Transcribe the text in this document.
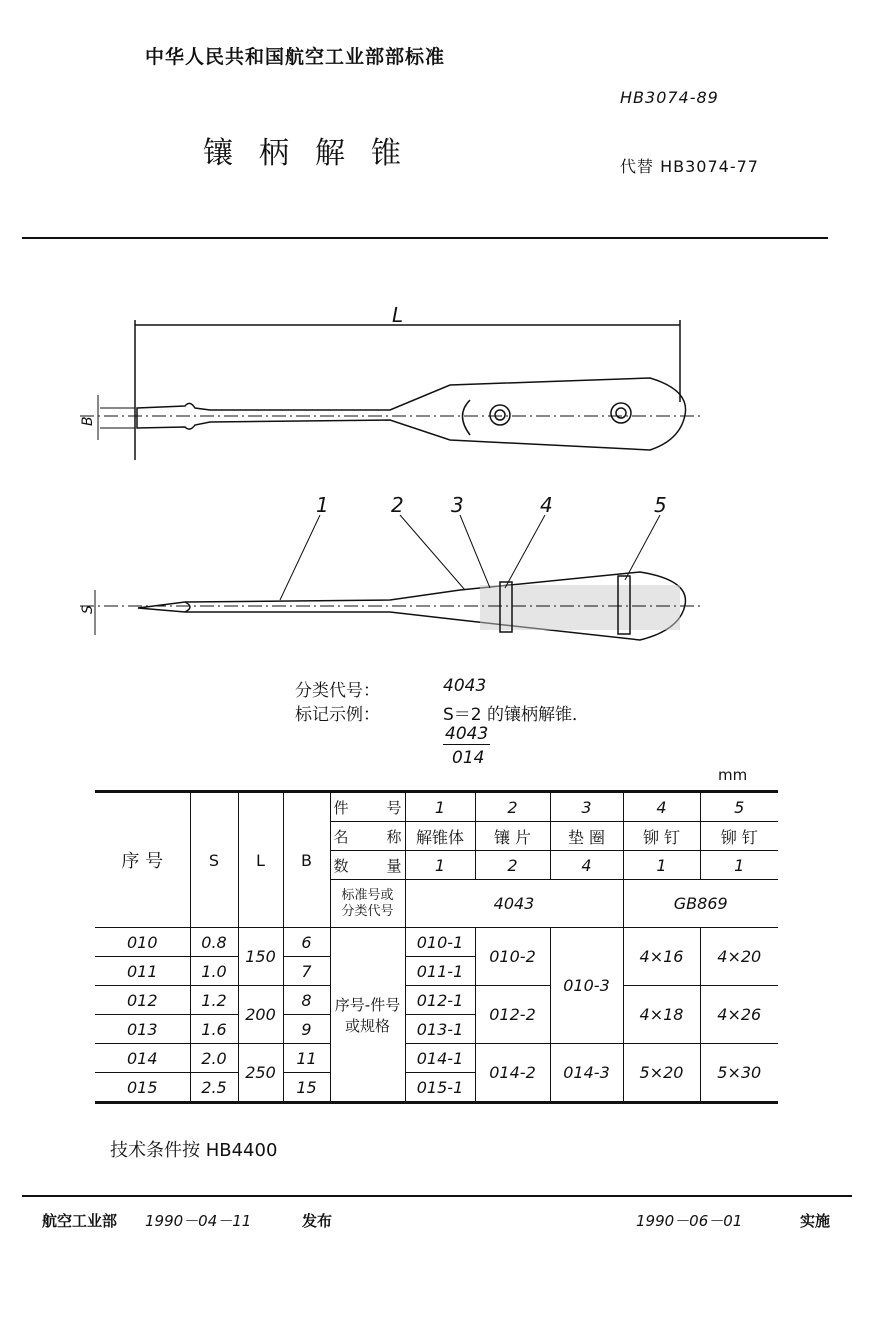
中华人民共和国航空工业部部标准
HB3074-89
镶柄解锥	代替 HB3074-77
L
B
S
1	2 3	4	5
分类代号：	4043
标记示例：	S＝2 的镶柄解锥．
4043
014
mm
序 号	S	L	B	件 号	1	2	3	4	5
				名 称	解锥体	镶 片	垫 圈	铆 钉	铆 钉
				数 量	1	2	4	1	1
				标准号或分类代号	4043			GB869	
010	0.8	150	6	序号-件号或规格	010-1	010-2	010-3	4×16	4×20
011	1.0		7		011-1				
012	1.2	200	8		012-1	012-2		4×18	4×26
013	1.6		9		013-1				
014	2.0	250	11		014-1	014-2	014-3	5×20	5×30
015	2.5		15		015-1				
技术条件按 HB4400
航空工业部 1990－04－11	发布	1990－06－01	实施
